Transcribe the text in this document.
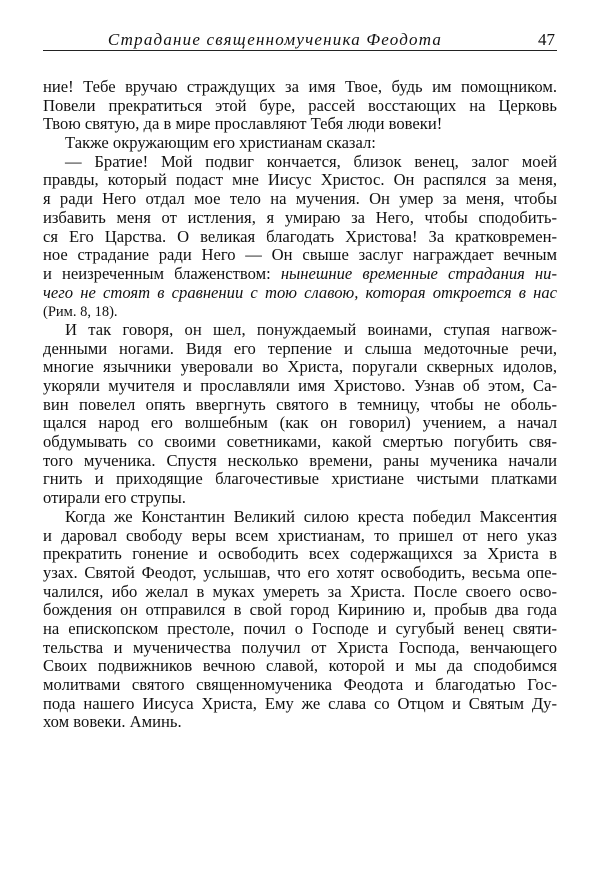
Страдание священномученика Феодота	47
ние! Тебе вручаю страждущих за имя Твое, будь им помощником.
Повели прекратиться этой буре, рассей восстающих на Церковь
Твою святую, да в мире прославляют Тебя люди вовеки!
Также окружающим его христианам сказал:
— Братие! Мой подвиг кончается, близок венец, залог моей
правды, который подаст мне Иисус Христос. Он распялся за меня,
я ради Него отдал мое тело на мучения. Он умер за меня, чтобы
избавить меня от истления, я умираю за Него, чтобы сподобить-
ся Его Царства. О великая благодать Христова! За кратковремен-
ное страдание ради Него — Он свыше заслуг награждает вечным
и неизреченным блаженством: нынешние временные страдания ни-
чего не стоят в сравнении с тою славою, которая откроется в нас
(Рим. 8, 18).
И так говоря, он шел, понуждаемый воинами, ступая нагвож-
денными ногами. Видя его терпение и слыша медоточные речи,
многие язычники уверовали во Христа, поругали скверных идолов,
укоряли мучителя и прославляли имя Христово. Узнав об этом, Са-
вин повелел опять ввергнуть святого в темницу, чтобы не оболь-
щался народ его волшебным (как он говорил) учением, а начал
обдумывать со своими советниками, какой смертью погубить свя-
того мученика. Спустя несколько времени, раны мученика начали
гнить и приходящие благочестивые христиане чистыми платками
отирали его струпы.
Когда же Константин Великий силою креста победил Максентия
и даровал свободу веры всем христианам, то пришел от него указ
прекратить гонение и освободить всех содержащихся за Христа в
узах. Святой Феодот, услышав, что его хотят освободить, весьма опе-
чалился, ибо желал в муках умереть за Христа. После своего осво-
бождения он отправился в свой город Киринию и, пробыв два года
на епископском престоле, почил о Господе и сугубый венец святи-
тельства и мученичества получил от Христа Господа, венчающего
Своих подвижников вечною славой, которой и мы да сподобимся
молитвами святого священномученика Феодота и благодатью Гос-
пода нашего Иисуса Христа, Ему же слава со Отцом и Святым Ду-
хом вовеки. Аминь.
